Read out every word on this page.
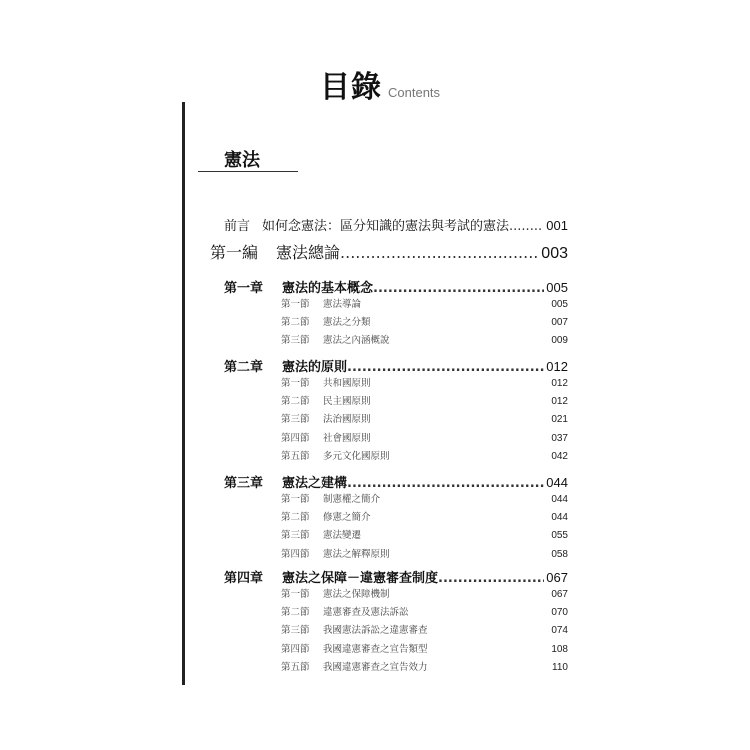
目錄 Contents
憲法
前言 如何念憲法：區分知識的憲法與考試的憲法 .....	001
第一編 憲法總論 .....	003
第一章	憲法的基本概念 .....	005
第一節	憲法導論	005
第二節	憲法之分類	007
第三節	憲法之內涵概說	009
第二章	憲法的原則 .....	012
第一節	共和國原則	012
第二節	民主國原則	012
第三節	法治國原則	021
第四節	社會國原則	037
第五節	多元文化國原則	042
第三章	憲法之建構 .....	044
第一節	制憲權之簡介	044
第二節	修憲之簡介	044
第三節	憲法變遷	055
第四節	憲法之解釋原則	058
第四章	憲法之保障－違憲審查制度 .....	067
第一節	憲法之保障機制	067
第二節	違憲審查及憲法訴訟	070
第三節	我國憲法訴訟之違憲審查	074
第四節	我國違憲審查之宣告類型	108
第五節	我國違憲審查之宣告效力	110
